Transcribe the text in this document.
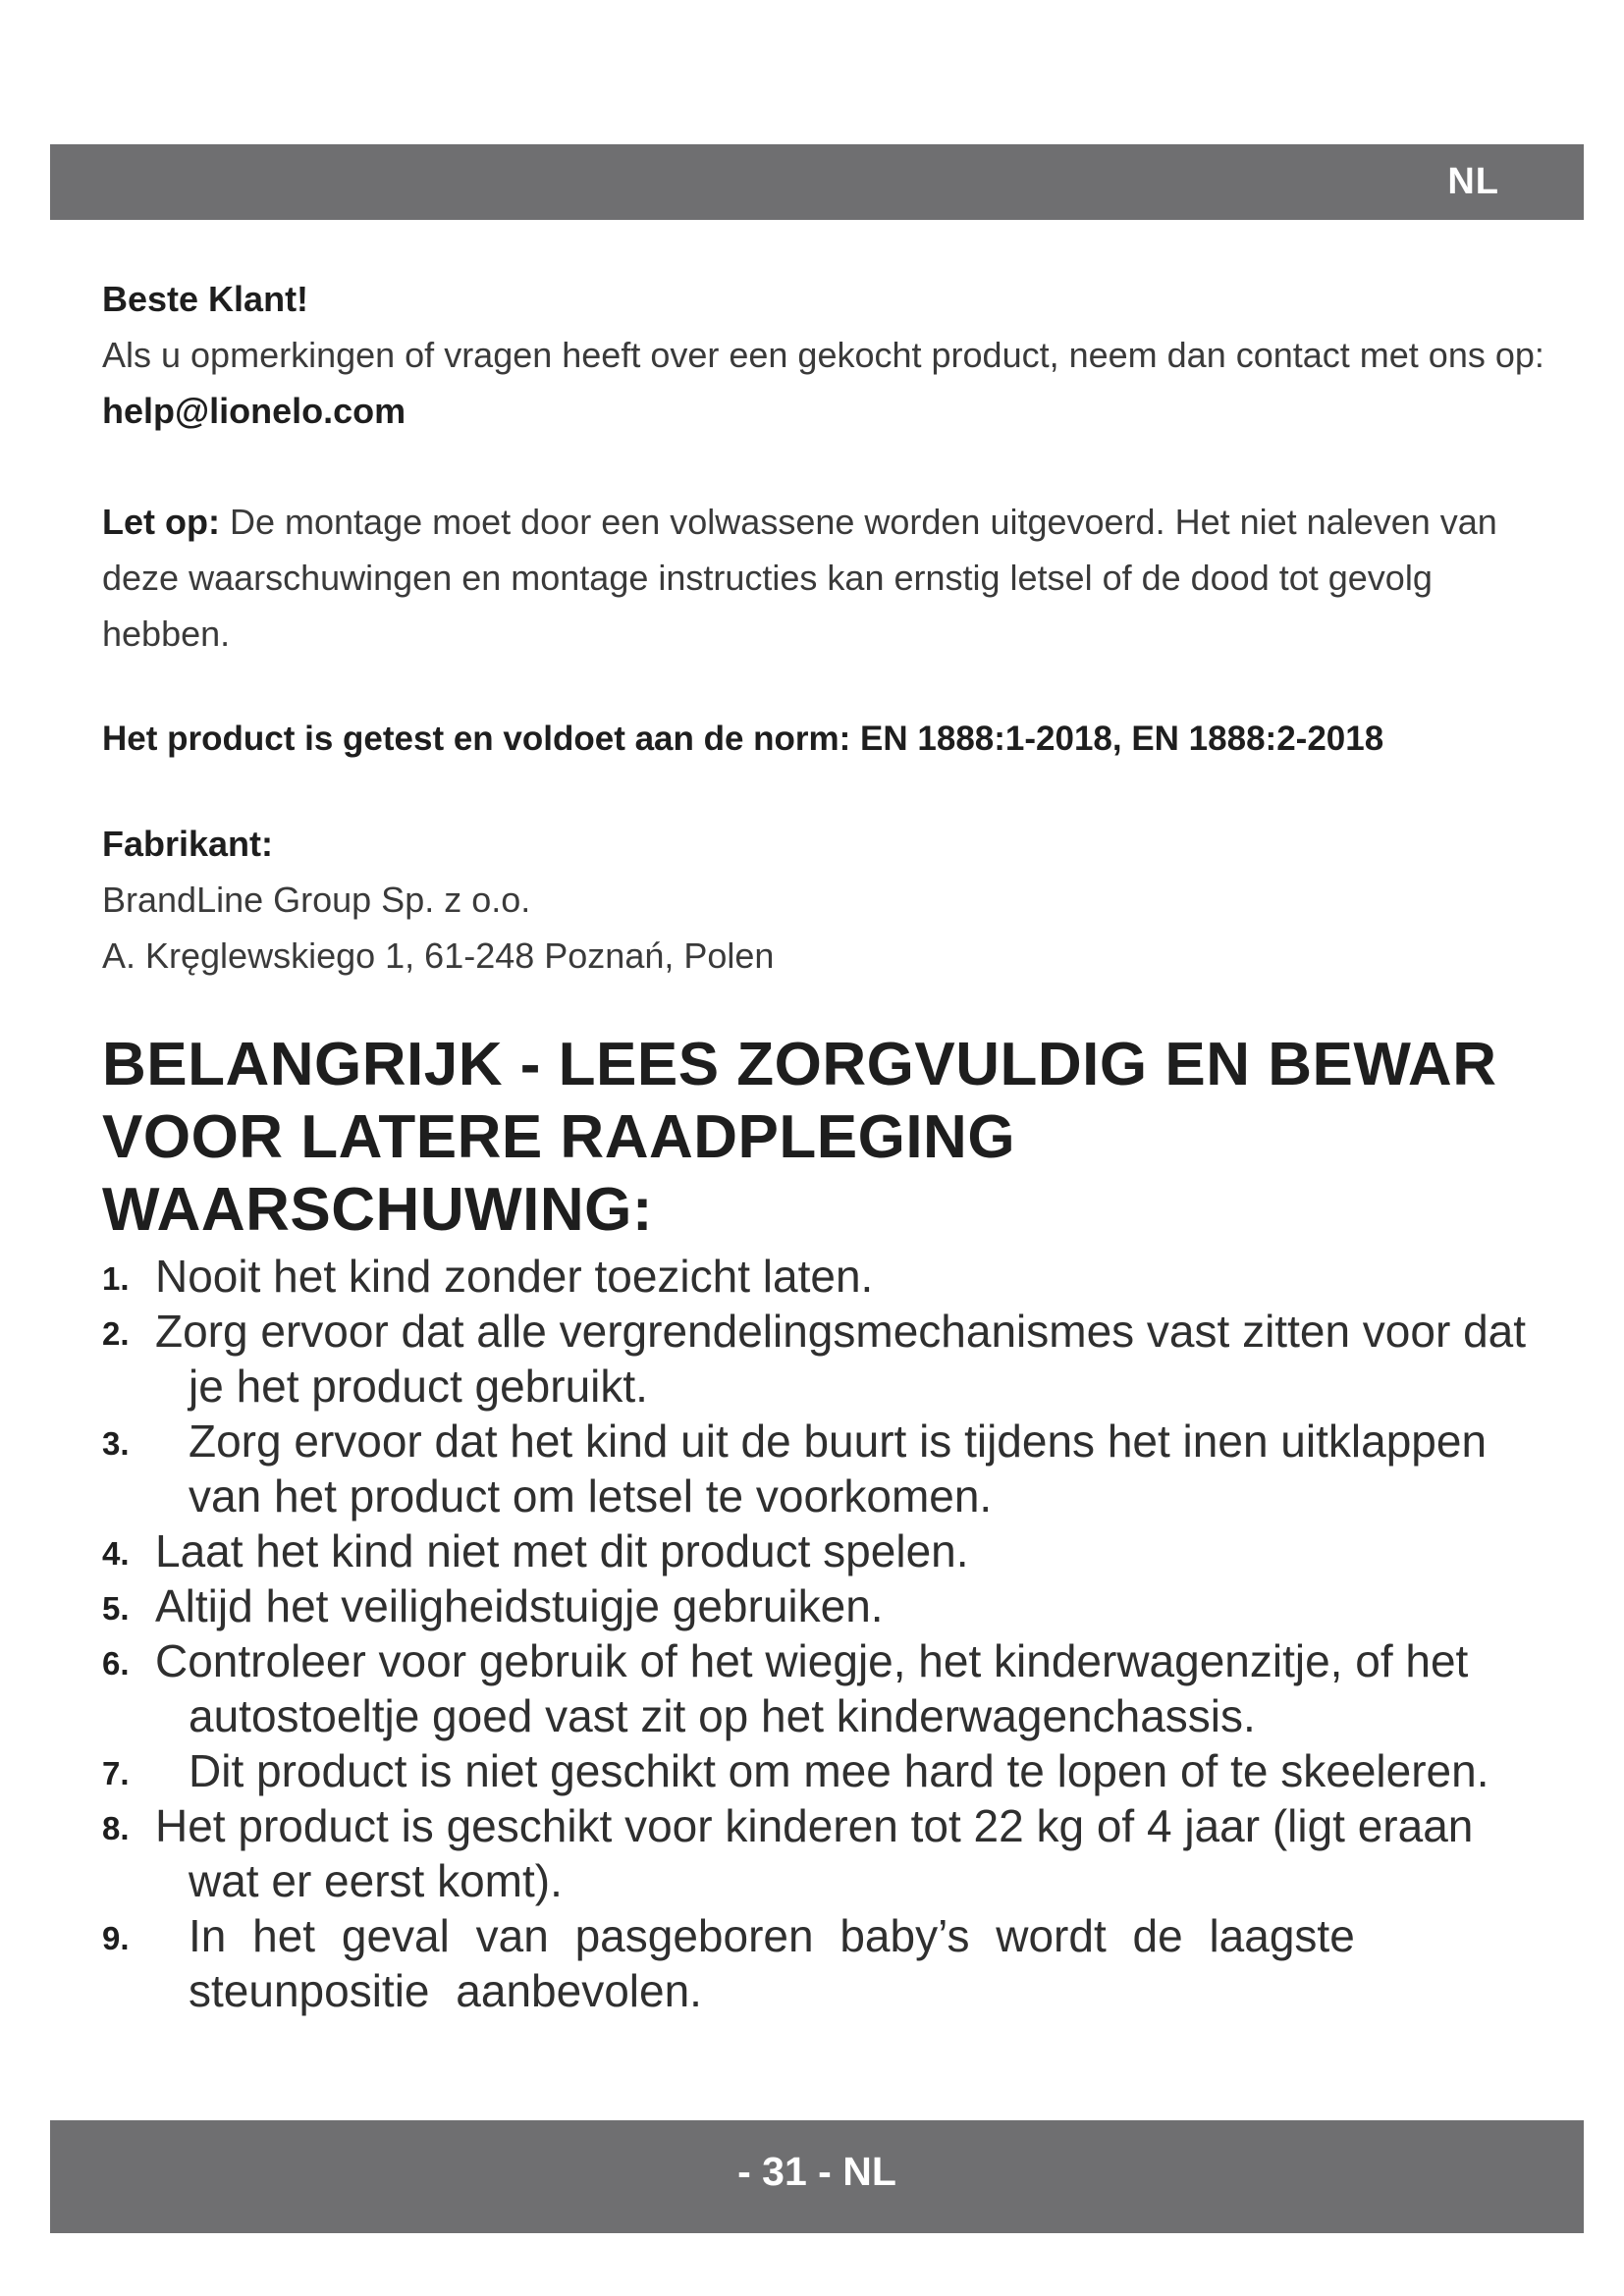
NL

Beste Klant!
Als u opmerkingen of vragen heeft over een gekocht product, neem dan contact met ons op: help@lionelo.com

Let op: De montage moet door een volwassene worden uitgevoerd. Het niet naleven van deze waarschuwingen en montage instructies kan ernstig letsel of de dood tot gevolg hebben.

Het product is getest en voldoet aan de norm: EN 1888:1-2018, EN 1888:2-2018

Fabrikant:
BrandLine Group Sp. z o.o.
A. Kręglewskiego 1, 61-248 Poznań, Polen

BELANGRIJK - LEES ZORGVULDIG EN BEWAR

VOOR LATERE RAADPLEGING

WAARSCHUWING:

1. Nooit het kind zonder toezicht laten.
2. Zorg ervoor dat alle vergrendelingsmechanismes vast zitten voor dat je het product gebruikt.
3.	Zorg ervoor dat het kind uit de buurt is tijdens het inen uitklappen van het product om letsel te voorkomen.
4. Laat het kind niet met dit product spelen.
5. Altijd het veiligheidstuigje gebruiken.
6. Controleer voor gebruik of het wiegje, het kinderwagenzitje, of het autostoeltje goed vast zit op het kinderwagenchassis.
7.	Dit product is niet geschikt om mee hard te lopen of te skeeleren.
8. Het product is geschikt voor kinderen tot 22 kg of 4 jaar (ligt eraan wat er eerst komt).
9.	In het geval van pasgeboren baby’s wordt de laagste steunpositie aanbevolen.
- 31 - NL
